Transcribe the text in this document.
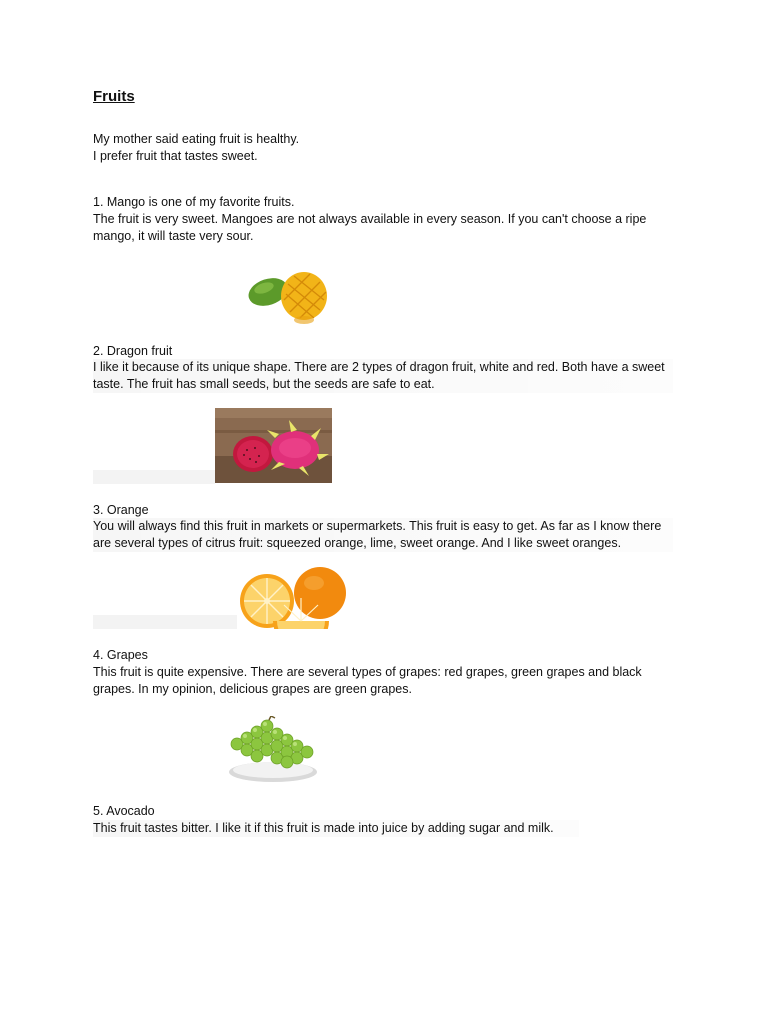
Fruits
My mother said eating fruit is healthy.
I prefer fruit that tastes sweet.
1. Mango is one of my favorite fruits.
The fruit is very sweet. Mangoes are not always available in every season. If you can't choose a ripe mango, it will taste very sour.
2. Dragon fruit
I like it because of its unique shape. There are 2 types of dragon fruit, white and red. Both have a sweet taste. The fruit has small seeds, but the seeds are safe to eat.
3. Orange
You will always find this fruit in markets or supermarkets. This fruit is easy to get. As far as I know there are several types of citrus fruit: squeezed orange, lime, sweet orange. And I like sweet oranges.
4. Grapes
This fruit is quite expensive. There are several types of grapes: red grapes, green grapes and black grapes. In my opinion, delicious grapes are green grapes.
5. Avocado
This fruit tastes bitter. I like it if this fruit is made into juice by adding sugar and milk.
